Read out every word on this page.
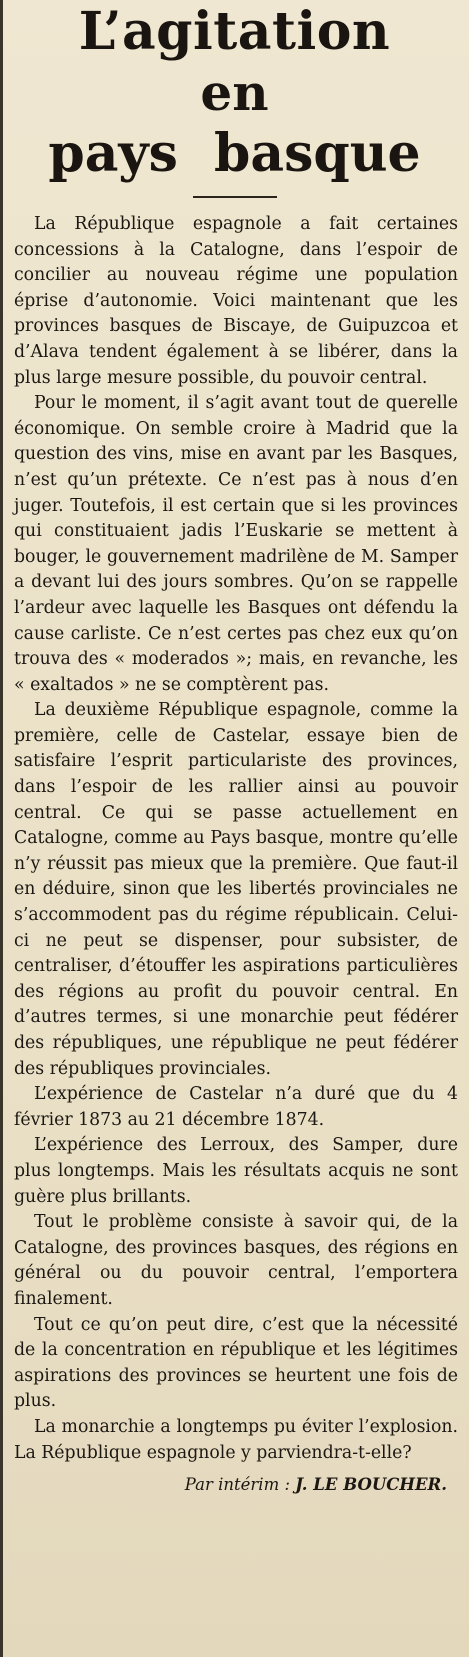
L’agitation
en
pays basque

La République espagnole a fait certaines concessions à la Catalogne, dans l’espoir de concilier au nouveau régime une population éprise d’autonomie. Voici maintenant que les provinces basques de Biscaye, de Guipuzcoa et d’Alava tendent également à se libérer, dans la plus large mesure possible, du pouvoir central.

Pour le moment, il s’agit avant tout de querelle économique. On semble croire à Madrid que la question des vins, mise en avant par les Basques, n’est qu’un prétexte. Ce n’est pas à nous d’en juger. Toutefois, il est certain que si les provinces qui constituaient jadis l’Euskarie se mettent à bouger, le gouvernement madrilène de M. Samper a devant lui des jours sombres. Qu’on se rappelle l’ardeur avec laquelle les Basques ont défendu la cause carliste. Ce n’est certes pas chez eux qu’on trouva des « moderados »; mais, en revanche, les « exaltados » ne se comptèrent pas.

La deuxième République espagnole, comme la première, celle de Castelar, essaye bien de satisfaire l’esprit particulariste des provinces, dans l’espoir de les rallier ainsi au pouvoir central. Ce qui se passe actuellement en Catalogne, comme au Pays basque, montre qu’elle n’y réussit pas mieux que la première. Que faut-il en déduire, sinon que les libertés provinciales ne s’accommodent pas du régime républicain. Celui-ci ne peut se dispenser, pour subsister, de centraliser, d’étouffer les aspirations particulières des régions au profit du pouvoir central. En d’autres termes, si une monarchie peut fédérer des républiques, une république ne peut fédérer des républiques provinciales.

L’expérience de Castelar n’a duré que du 4 février 1873 au 21 décembre 1874.

L’expérience des Lerroux, des Samper, dure plus longtemps. Mais les résultats acquis ne sont guère plus brillants.

Tout le problème consiste à savoir qui, de la Catalogne, des provinces basques, des régions en général ou du pouvoir central, l’emportera finalement.

Tout ce qu’on peut dire, c’est que la nécessité de la concentration en république et les légitimes aspirations des provinces se heurtent une fois de plus.

La monarchie a longtemps pu éviter l’explosion. La République espagnole y parviendra-t-elle?

Par intérim : J. LE BOUCHER.
